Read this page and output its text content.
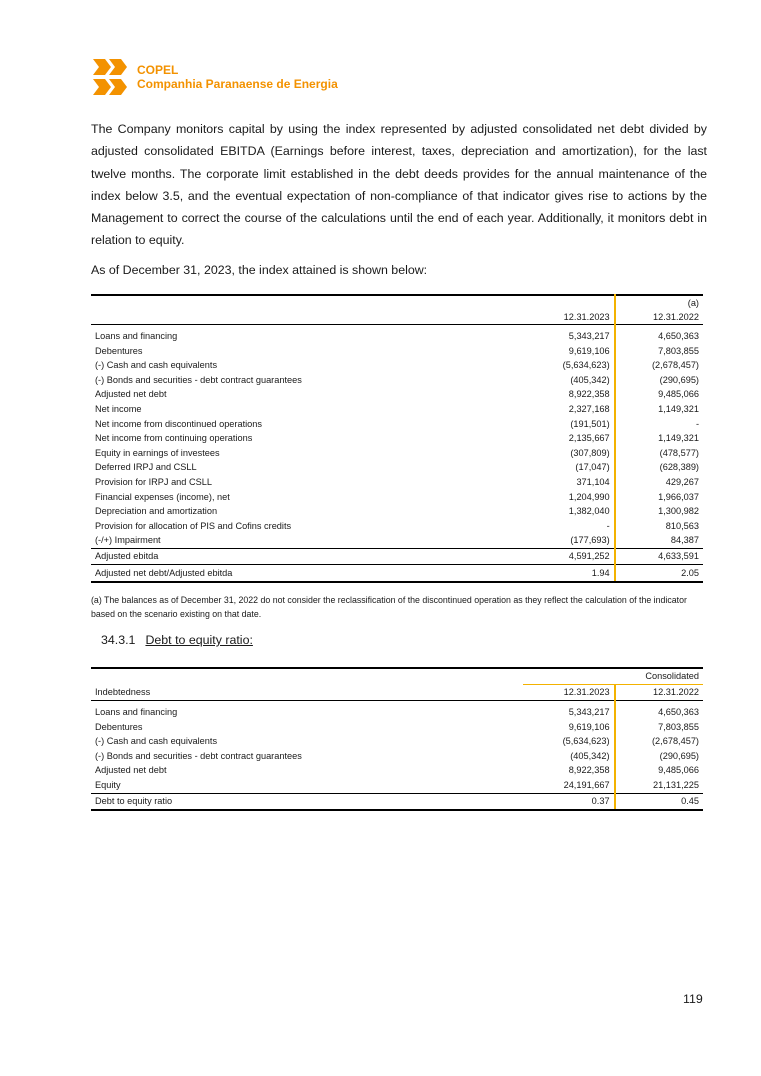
COPEL
Companhia Paranaense de Energia
The Company monitors capital by using the index represented by adjusted consolidated net debt divided by adjusted consolidated EBITDA (Earnings before interest, taxes, depreciation and amortization), for the last twelve months. The corporate limit established in the debt deeds provides for the annual maintenance of the index below 3.5, and the eventual expectation of non-compliance of that indicator gives rise to actions by the Management to correct the course of the calculations until the end of each year. Additionally, it monitors debt in relation to equity.
As of December 31, 2023, the index attained is shown below:
		(a)
	12.31.2023	12.31.2022

Loans and financing	5,343,217	4,650,363
Debentures	9,619,106	7,803,855
(-) Cash and cash equivalents	(5,634,623)	(2,678,457)
(-) Bonds and securities - debt contract guarantees	(405,342)	(290,695)
Adjusted net debt	8,922,358	9,485,066
Net income	2,327,168	1,149,321
Net income from discontinued operations	(191,501)	-
Net income from continuing operations	2,135,667	1,149,321
Equity in earnings of investees	(307,809)	(478,577)
Deferred IRPJ and CSLL	(17,047)	(628,389)
Provision for IRPJ and CSLL	371,104	429,267
Financial expenses (income), net	1,204,990	1,966,037
Depreciation and amortization	1,382,040	1,300,982
Provision for allocation of PIS and Cofins credits	-	810,563
(-/+) Impairment	(177,693)	84,387
Adjusted ebitda	4,591,252	4,633,591
Adjusted net debt/Adjusted ebitda	1.94	2.05
(a) The balances as of December 31, 2022 do not consider the reclassification of the discontinued operation as they reflect the calculation of the indicator based on the scenario existing on that date.
34.3.1 Debt to equity ratio:
		Consolidated
Indebtedness	12.31.2023	12.31.2022

Loans and financing	5,343,217	4,650,363
Debentures	9,619,106	7,803,855
(-) Cash and cash equivalents	(5,634,623)	(2,678,457)
(-) Bonds and securities - debt contract guarantees	(405,342)	(290,695)
Adjusted net debt	8,922,358	9,485,066
Equity	24,191,667	21,131,225
Debt to equity ratio	0.37	0.45
119
